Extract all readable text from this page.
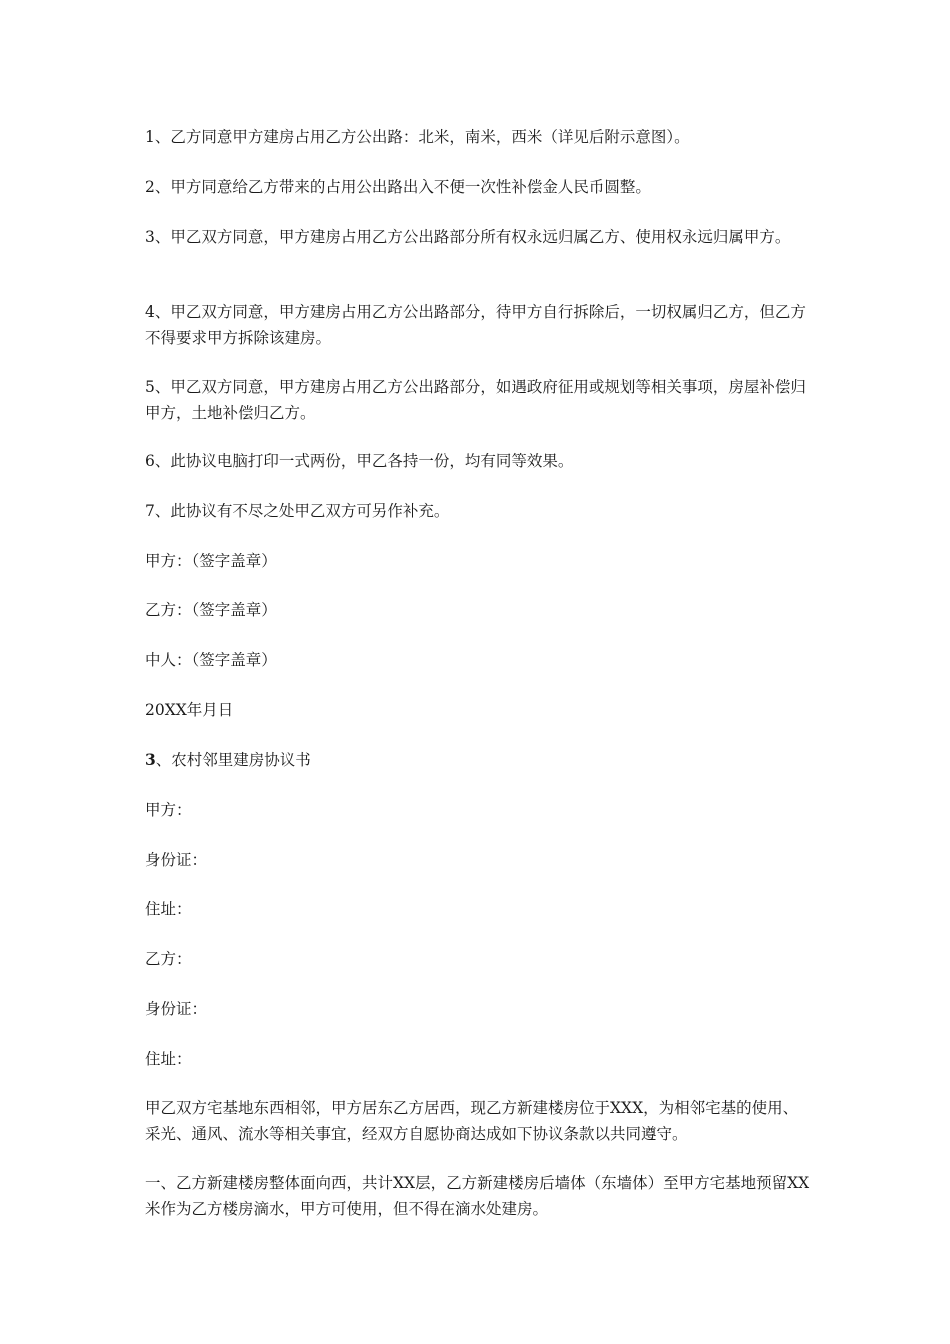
1、乙方同意甲方建房占用乙方公出路：北米，南米，西米（详见后附示意图）。

2、甲方同意给乙方带来的占用公出路出入不便一次性补偿金人民币圆整。

3、甲乙双方同意，甲方建房占用乙方公出路部分所有权永远归属乙方、使用权永远归属甲方。

4、甲乙双方同意，甲方建房占用乙方公出路部分，待甲方自行拆除后，一切权属归乙方，但乙方不得要求甲方拆除该建房。

5、甲乙双方同意，甲方建房占用乙方公出路部分，如遇政府征用或规划等相关事项，房屋补偿归甲方，土地补偿归乙方。

6、此协议电脑打印一式两份，甲乙各持一份，均有同等效果。

7、此协议有不尽之处甲乙双方可另作补充。

甲方：（签字盖章）

乙方：（签字盖章）

中人：（签字盖章）

20XX年月日

3、农村邻里建房协议书

甲方：

身份证：

住址：

乙方：

身份证：

住址：

甲乙双方宅基地东西相邻，甲方居东乙方居西，现乙方新建楼房位于XXX，为相邻宅基的使用、采光、通风、流水等相关事宜，经双方自愿协商达成如下协议条款以共同遵守。

一、乙方新建楼房整体面向西，共计XX层，乙方新建楼房后墙体（东墙体）至甲方宅基地预留XX米作为乙方楼房滴水，甲方可使用，但不得在滴水处建房。
